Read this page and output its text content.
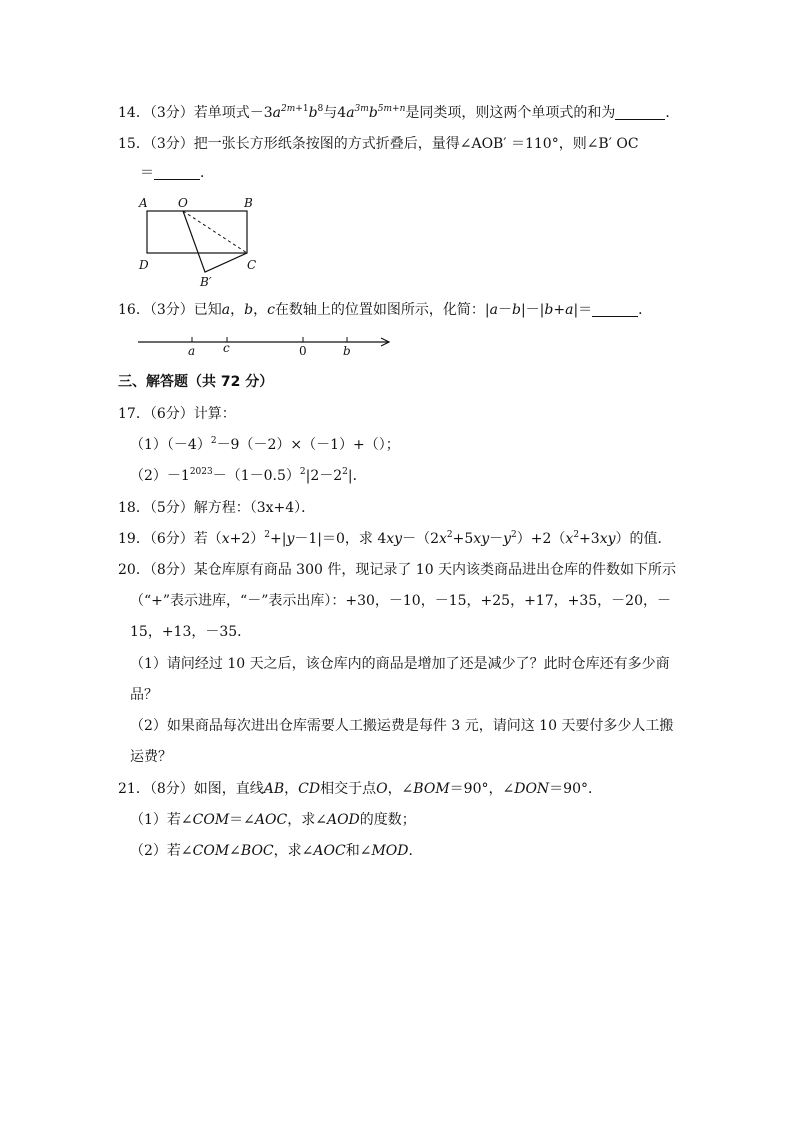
14．（3分）若单项式$-3a^{2m+1}b^8$与$4a^{3m}b^{5m+n}$是同类项，则这两个单项式的和为	．
15．（3分）把一张长方形纸条按图的方式折叠后，量得∠AOB′ ＝110°，则∠B′ OC
＝	．
A	O	B
D	C
B′
16．（3分）已知a，b，c在数轴上的位置如图所示，化简：|a－b|－|b+a|＝	．
a c	0	b
三、解答题（共 72 分）
17．（6分）计算：
$(1)(-4)^2-9(-2)\times(-1)+()$；
$(2)-1^{2023}-(1-0.5)^2|2-2^2|$．
18．（5分）解方程：（3x+4）．
19．（6分）若$(x+2)^2+|y-1|=0$，求 $4xy-(2x^2+5xy-y^2)+2(x^2+3xy)$的值．
20．（8分）某仓库原有商品 300 件，现记录了 10 天内该类商品进出仓库的件数如下所示
（“+”表示进库，“－”表示出库）：+30，－10，－15，+25，+17，+35，－20，－
15，+13，－35．
（1）请问经过 10 天之后，该仓库内的商品是增加了还是减少了？此时仓库还有多少商
品？
（2）如果商品每次进出仓库需要人工搬运费是每件 3 元，请问这 10 天要付多少人工搬
运费？
21．（8分）如图，直线AB，CD相交于点O，∠BOM＝90°，∠DON＝90°．
（1）若∠COM＝∠AOC，求∠AOD的度数；
（2）若∠COM∠BOC，求∠AOC和∠MOD．
